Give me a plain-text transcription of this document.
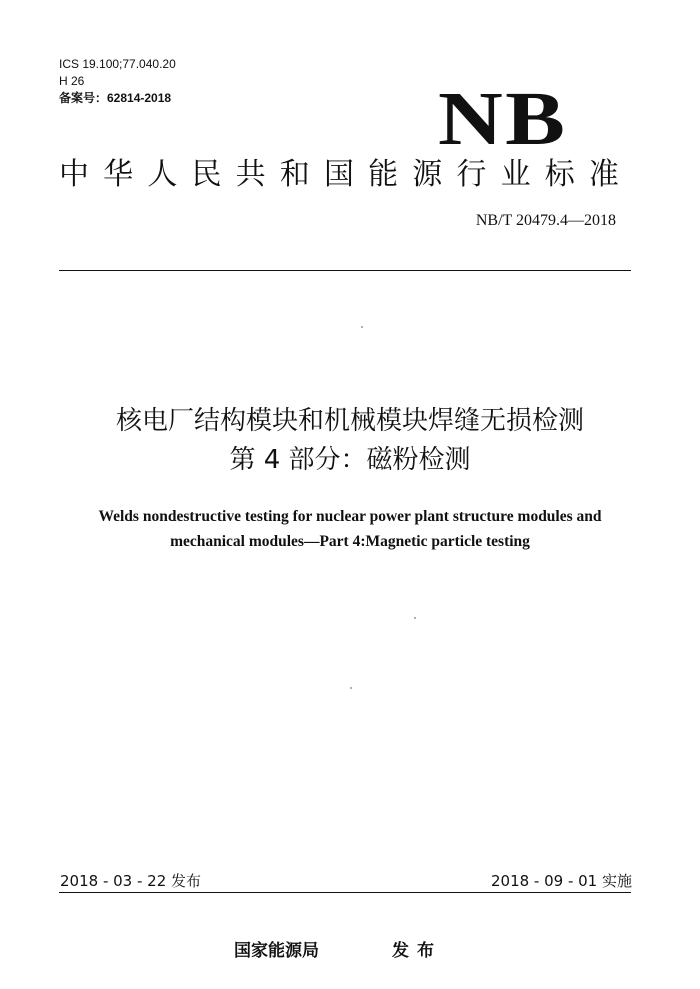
ICS 19.100;77.040.20
H 26
备案号：62814-2018	NB
中 华 人 民 共 和 国 能 源 行 业 标 准
NB/T 20479.4—2018
核电厂结构模块和机械模块焊缝无损检测
第 4 部分：磁粉检测
Welds nondestructive testing for nuclear power plant structure modules and
mechanical modules—Part 4:Magnetic particle testing
2018 - 03 - 22 发布	2018 - 09 - 01 实施
国家能源局	发布
